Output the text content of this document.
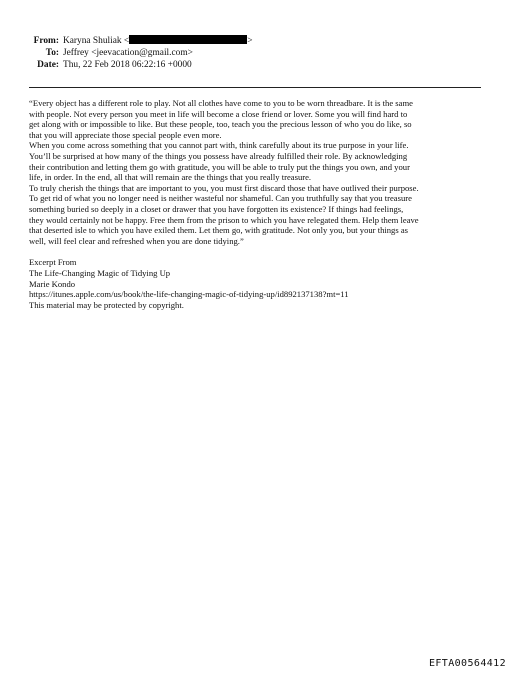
From: Karyna Shuliak <	>
To: Jeffrey <jeevacation@gmail.com>
Date: Thu, 22 Feb 2018 06:22:16 +0000
“Every object has a different role to play. Not all clothes have come to you to be worn threadbare. It is the same
with people. Not every person you meet in life will become a close friend or lover. Some you will find hard to
get along with or impossible to like. But these people, too, teach you the precious lesson of who you do like, so
that you will appreciate those special people even more.
When you come across something that you cannot part with, think carefully about its true purpose in your life.
You’ll be surprised at how many of the things you possess have already fulfilled their role. By acknowledging
their contribution and letting them go with gratitude, you will be able to truly put the things you own, and your
life, in order. In the end, all that will remain are the things that you really treasure.
To truly cherish the things that are important to you, you must first discard those that have outlived their purpose.
To get rid of what you no longer need is neither wasteful nor shameful. Can you truthfully say that you treasure
something buried so deeply in a closet or drawer that you have forgotten its existence? If things had feelings,
they would certainly not be happy. Free them from the prison to which you have relegated them. Help them leave
that deserted isle to which you have exiled them. Let them go, with gratitude. Not only you, but your things as
well, will feel clear and refreshed when you are done tidying.”
Excerpt From
The Life-Changing Magic of Tidying Up
Marie Kondo
https://itunes.apple.com/us/book/the-life-changing-magic-of-tidying-up/id892137138?mt=11
This material may be protected by copyright.
EFTA00564412
